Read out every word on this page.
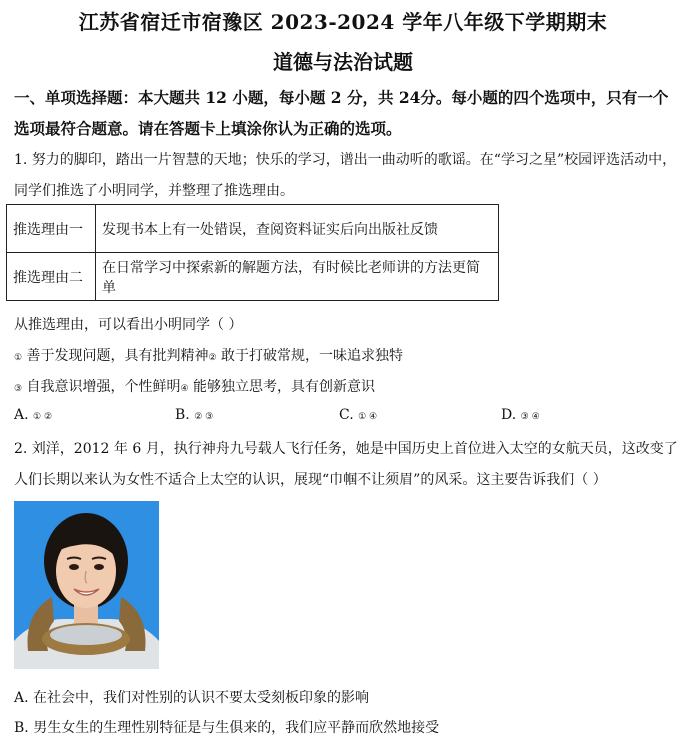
江苏省宿迁市宿豫区 2023-2024 学年八年级下学期期末
道德与法治试题
一、单项选择题：本大题共 12 小题，每小题 2 分，共 24分。每小题的四个选项中，只有一个
选项最符合题意。请在答题卡上填涂你认为正确的选项。
1. 努力的脚印，踏出一片智慧的天地；快乐的学习，谱出一曲动听的歌谣。在“学习之星”校园评选活动中，
同学们推选了小明同学，并整理了推选理由。
推选理由一	发现书本上有一处错误，查阅资料证实后向出版社反馈
推选理由二	在日常学习中探索新的解题方法，有时候比老师讲的方法更简单
从推选理由，可以看出小明同学（ ）
① 善于发现问题，具有批判精神② 敢于打破常规，一味追求独特
③ 自我意识增强，个性鲜明④ 能够独立思考，具有创新意识
A. ① ②	B. ② ③	C. ① ④	D. ③ ④
2. 刘洋，2012 年 6 月，执行神舟九号载人飞行任务，她是中国历史上首位进入太空的女航天员，这改变了
人们长期以来认为女性不适合上太空的认识，展现“巾帼不让须眉”的风采。这主要告诉我们（ ）
A. 在社会中，我们对性别的认识不要太受刻板印象的影响
B. 男生女生的生理性别特征是与生俱来的，我们应平静而欣然地接受
